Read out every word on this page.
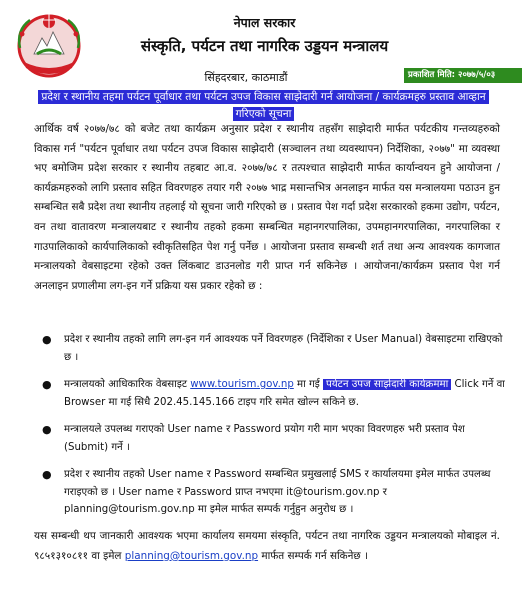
नेपाल सरकार
संस्कृति, पर्यटन तथा नागरिक उड्डयन मन्त्रालय
सिंहदरबार, काठमाडौं	प्रकाशित मिति: २०७७/५/०३
प्रदेश र स्थानीय तहमा पर्यटन पूर्वाधार तथा पर्यटन उपज विकास साझेदारी गर्न आयोजना / कार्यक्रमहरु प्रस्ताव आव्हान गरिएको सूचना

आर्थिक वर्ष २०७७/७८ को बजेट तथा कार्यक्रम अनुसार प्रदेश र स्थानीय तहसँग साझेदारी मार्फत पर्यटकीय गन्तव्यहरुको विकास गर्न "पर्यटन पूर्वाधार तथा पर्यटन उपज विकास साझेदारी (सञ्चालन तथा व्यवस्थापन) निर्देशिका, २०७७" मा व्यवस्था भए बमोजिम प्रदेश सरकार र स्थानीय तहबाट आ.व. २०७७/७८ र तत्पश्चात साझेदारी मार्फत कार्यान्वयन हुने आयोजना / कार्यक्रमहरुको लागि प्रस्ताव सहित विवरणहरु तयार गरी २०७७ भाद्र मसान्तभित्र अनलाइन मार्फत यस मन्त्रालयमा पठाउन हुन सम्बन्धित सबै प्रदेश तथा स्थानीय तहलाई यो सूचना जारी गरिएको छ । प्रस्ताव पेश गर्दा प्रदेश सरकारको हकमा उद्योग, पर्यटन, वन तथा वातावरण मन्त्रालयबाट र स्थानीय तहको हकमा सम्बन्धित महानगरपालिका, उपमहानगरपालिका, नगरपालिका र गाउपालिकाको कार्यपालिकाको स्वीकृतिसहित पेश गर्नु पर्नेछ । आयोजना प्रस्ताव सम्बन्धी शर्त तथा अन्य आवश्यक कागजात मन्त्रालयको वेबसाइटमा रहेको उक्त लिंकबाट डाउनलोड गरी प्राप्त गर्न सकिनेछ । आयोजना/कार्यक्रम प्रस्ताव पेश गर्न अनलाइन प्रणालीमा लग-इन गर्ने प्रक्रिया यस प्रकार रहेको छ :

● प्रदेश र स्थानीय तहको लागि लग-इन गर्न आवश्यक पर्ने विवरणहरु (निर्देशिका र User Manual) वेबसाइटमा राखिएको छ ।
● मन्त्रालयको आधिकारिक वेबसाइट www.tourism.gov.np मा गई पर्यटन उपज साझेदारी कार्यक्रममा Click गर्ने वा Browser मा गई सिधै 202.45.145.166 टाइप गरि समेत खोल्न सकिने छ.
● मन्त्रालयले उपलब्ध गराएको User name र Password प्रयोग गरी माग भएका विवरणहरु भरी प्रस्ताव पेश (Submit) गर्ने ।
● प्रदेश र स्थानीय तहको User name र Password सम्बन्धित प्रमुखलाई SMS र कार्यालयमा इमेल मार्फत उपलब्ध गराइएको छ । User name र Password प्राप्त नभएमा it@tourism.gov.np र planning@tourism.gov.np मा इमेल मार्फत सम्पर्क गर्नुहुन अनुरोध छ ।

यस सम्बन्धी थप जानकारी आवश्यक भएमा कार्यालय समयमा संस्कृति, पर्यटन तथा नागरिक उड्डयन मन्त्रालयको मोबाइल नं. ९८५१३१०८११ वा इमेल planning@tourism.gov.np मार्फत सम्पर्क गर्न सकिनेछ ।
